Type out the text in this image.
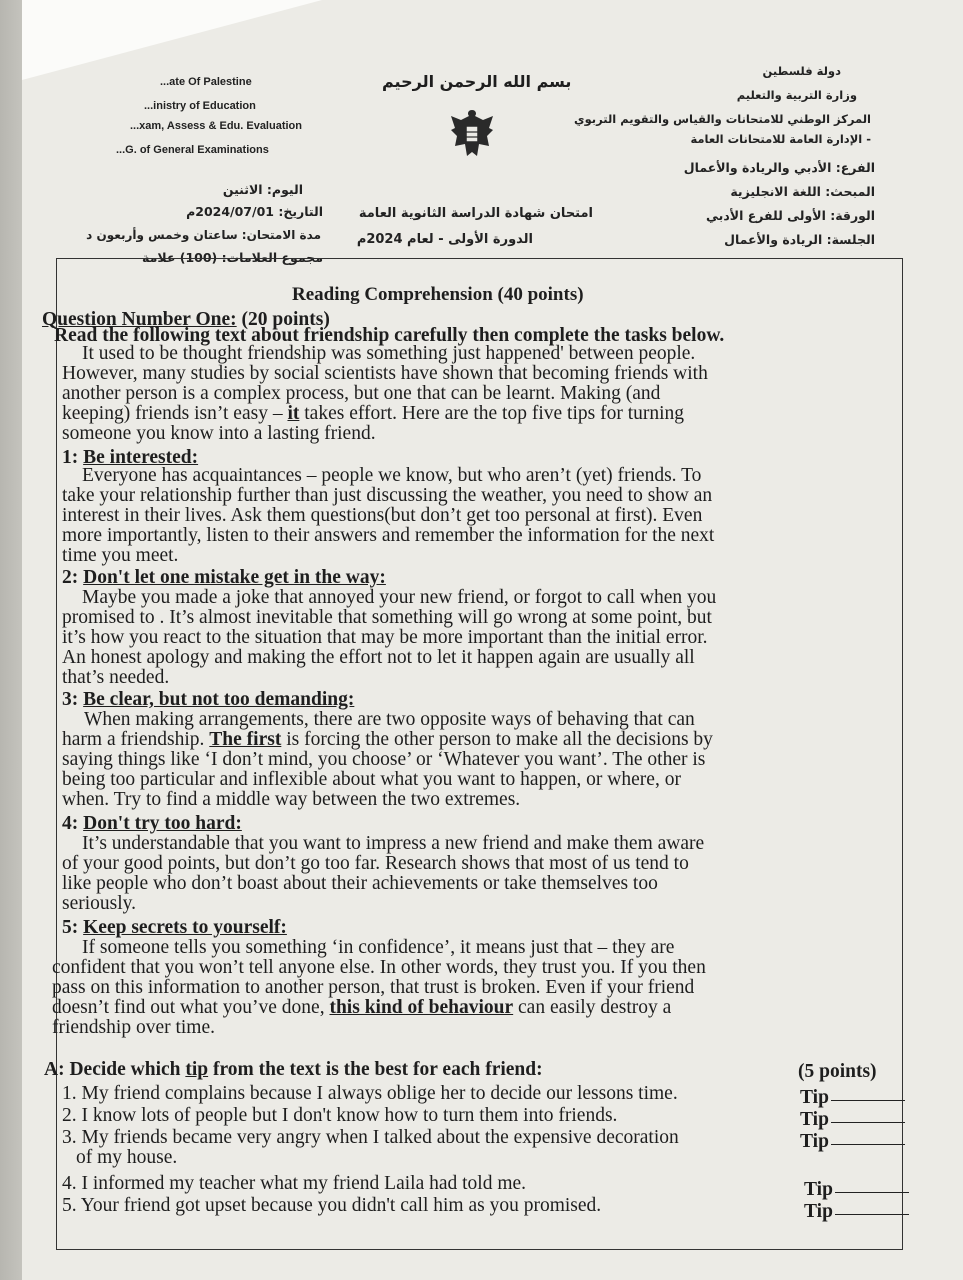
...ate Of Palestine
...inistry of Education
...xam, Assess & Edu. Evaluation
...G. of General Examinations
بسم الله الرحمن الرحيم
دولة فلسطين
وزارة التربية والتعليم
المركز الوطني للامتحانات والقياس والتقويم التربوي
- الإدارة العامة للامتحانات العامة
الفرع: الأدبي والريادة والأعمال
المبحث: اللغة الانجليزية
الورقة: الأولى للفرع الأدبي
الجلسة: الريادة والأعمال
امتحان شهادة الدراسة الثانوية العامة
الدورة الأولى - لعام 2024م
اليوم: الاثنين
التاريخ: 2024/07/01م
مدة الامتحان: ساعتان وخمس وأربعون د
مجموع العلامات: (100) علامة
Reading Comprehension (40 points)
Question Number One: (20 points)
Read the following text about friendship carefully then complete the tasks below.
It used to be thought friendship was something just happened' between people.
However, many studies by social scientists have shown that becoming friends with
another person is a complex process, but one that can be learnt. Making (and
keeping) friends isn’t easy – it takes effort. Here are the top five tips for turning
someone you know into a lasting friend.
1: Be interested:
Everyone has acquaintances – people we know, but who aren’t (yet) friends. To
take your relationship further than just discussing the weather, you need to show an
interest in their lives. Ask them questions(but don’t get too personal at first). Even
more importantly, listen to their answers and remember the information for the next
time you meet.
2: Don't let one mistake get in the way:
Maybe you made a joke that annoyed your new friend, or forgot to call when you
promised to . It’s almost inevitable that something will go wrong at some point, but
it’s how you react to the situation that may be more important than the initial error.
An honest apology and making the effort not to let it happen again are usually all
that’s needed.
3: Be clear, but not too demanding:
When making arrangements, there are two opposite ways of behaving that can
harm a friendship. The first is forcing the other person to make all the decisions by
saying things like ‘I don’t mind, you choose’ or ‘Whatever you want’. The other is
being too particular and inflexible about what you want to happen, or where, or
when. Try to find a middle way between the two extremes.
4: Don't try too hard:
It’s understandable that you want to impress a new friend and make them aware
of your good points, but don’t go too far. Research shows that most of us tend to
like people who don’t boast about their achievements or take themselves too
seriously.
5: Keep secrets to yourself:
If someone tells you something ‘in confidence’, it means just that – they are
confident that you won’t tell anyone else. In other words, they trust you. If you then
pass on this information to another person, that trust is broken. Even if your friend
doesn’t find out what you’ve done, this kind of behaviour can easily destroy a
friendship over time.
A: Decide which tip from the text is the best for each friend:	(5 points)
1. My friend complains because I always oblige her to decide our lessons time.
2. I know lots of people but I don't know how to turn them into friends.
3. My friends became very angry when I talked about the expensive decoration
of my house.
4. I informed my teacher what my friend Laila had told me.
5. Your friend got upset because you didn't call him as you promised.
Tip
Tip
Tip
Tip
Tip
